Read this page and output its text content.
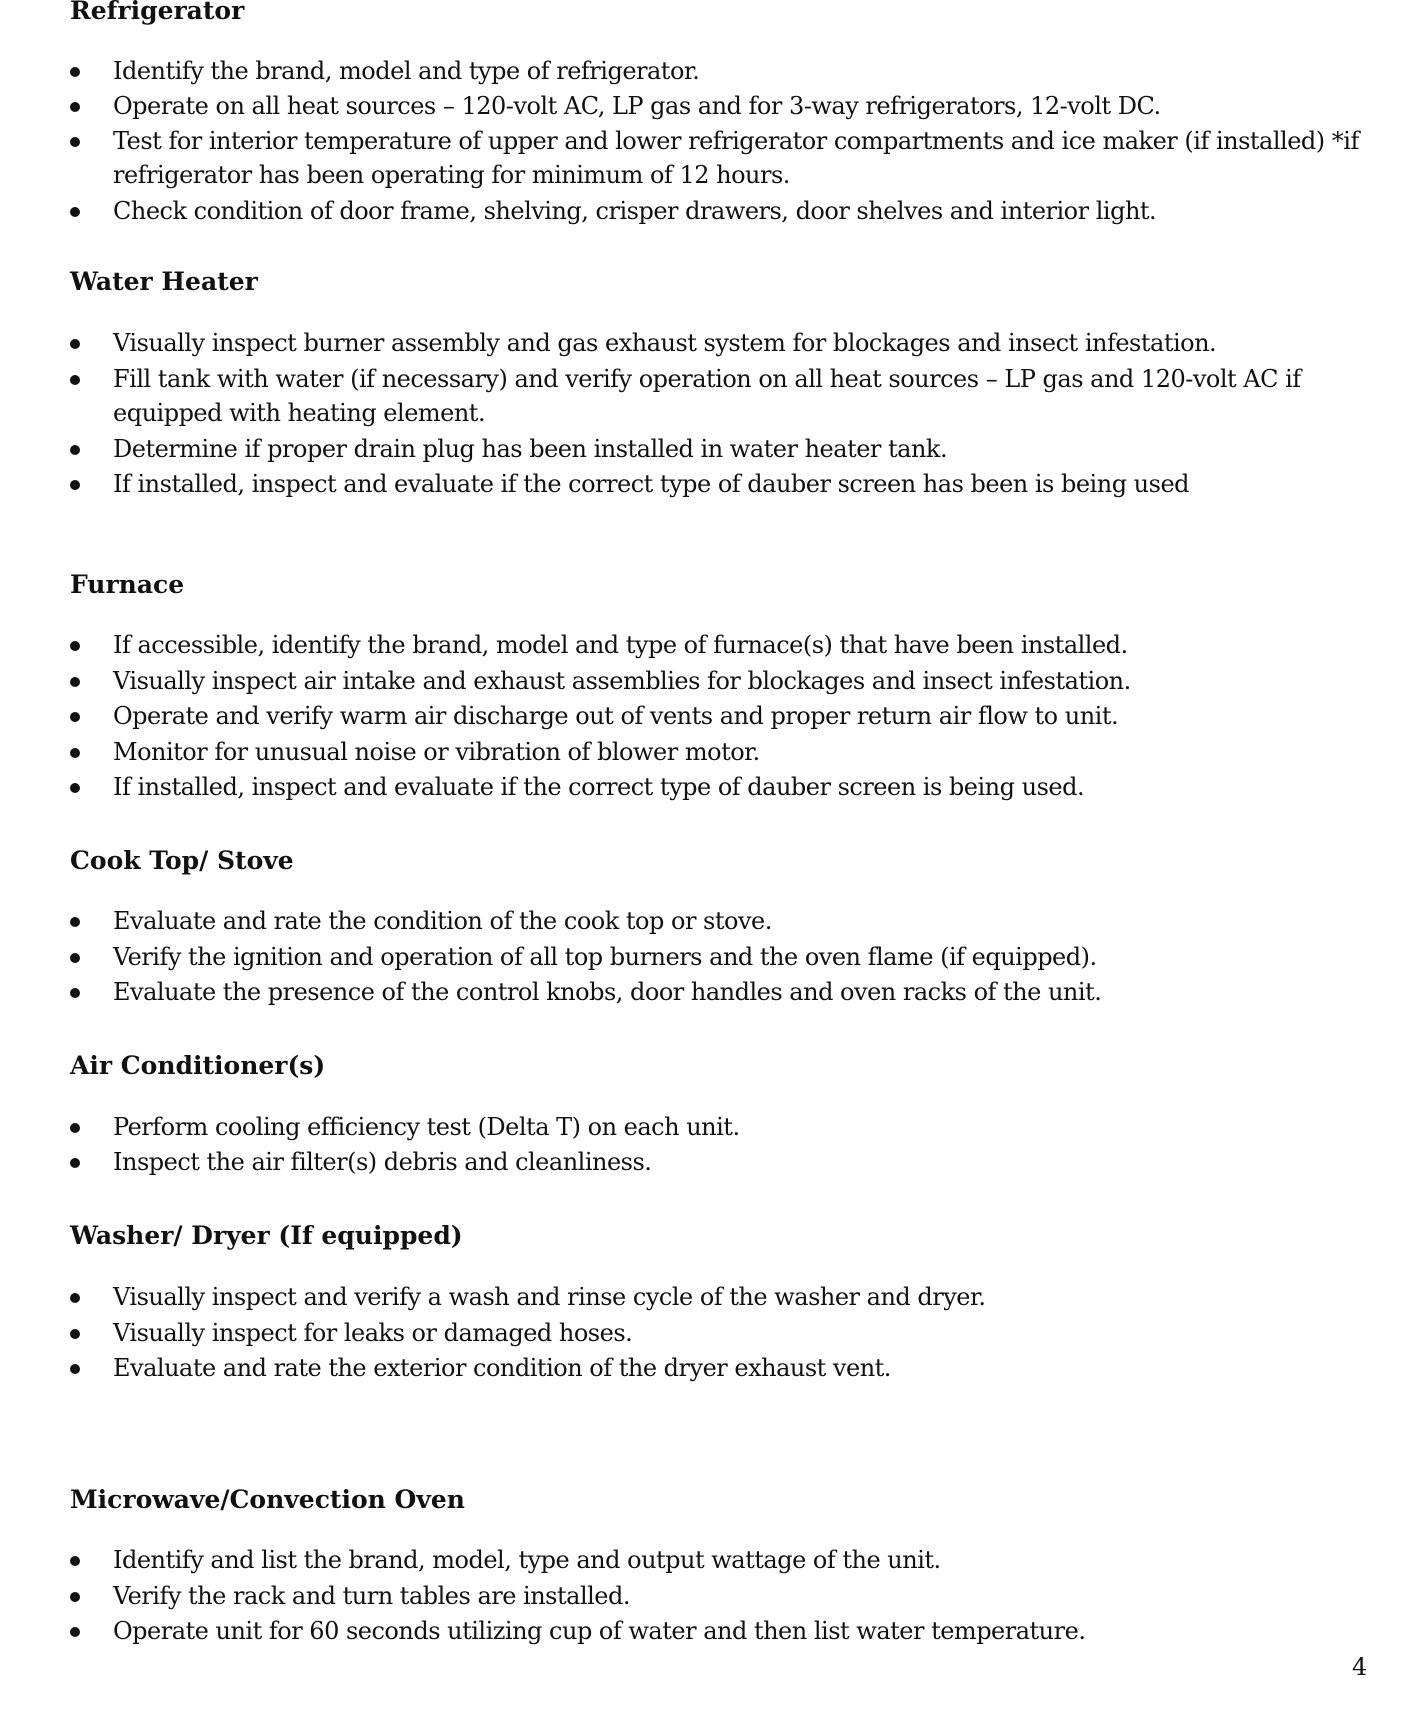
Refrigerator
Identify the brand, model and type of refrigerator.
Operate on all heat sources – 120-volt AC, LP gas and for 3-way refrigerators, 12-volt DC.
Test for interior temperature of upper and lower refrigerator compartments and ice maker (if installed) *if refrigerator has been operating for minimum of 12 hours.
Check condition of door frame, shelving, crisper drawers, door shelves and interior light.
Water Heater
Visually inspect burner assembly and gas exhaust system for blockages and insect infestation.
Fill tank with water (if necessary) and verify operation on all heat sources – LP gas and 120-volt AC if equipped with heating element.
Determine if proper drain plug has been installed in water heater tank.
If installed, inspect and evaluate if the correct type of dauber screen has been is being used
Furnace
If accessible, identify the brand, model and type of furnace(s) that have been installed.
Visually inspect air intake and exhaust assemblies for blockages and insect infestation.
Operate and verify warm air discharge out of vents and proper return air flow to unit.
Monitor for unusual noise or vibration of blower motor.
If installed, inspect and evaluate if the correct type of dauber screen is being used.
Cook Top/ Stove
Evaluate and rate the condition of the cook top or stove.
Verify the ignition and operation of all top burners and the oven flame (if equipped).
Evaluate the presence of the control knobs, door handles and oven racks of the unit.
Air Conditioner(s)
Perform cooling efficiency test (Delta T) on each unit.
Inspect the air filter(s) debris and cleanliness.
Washer/ Dryer (If equipped)
Visually inspect and verify a wash and rinse cycle of the washer and dryer.
Visually inspect for leaks or damaged hoses.
Evaluate and rate the exterior condition of the dryer exhaust vent.
Microwave/Convection Oven
Identify and list the brand, model, type and output wattage of the unit.
Verify the rack and turn tables are installed.
Operate unit for 60 seconds utilizing cup of water and then list water temperature.
4
